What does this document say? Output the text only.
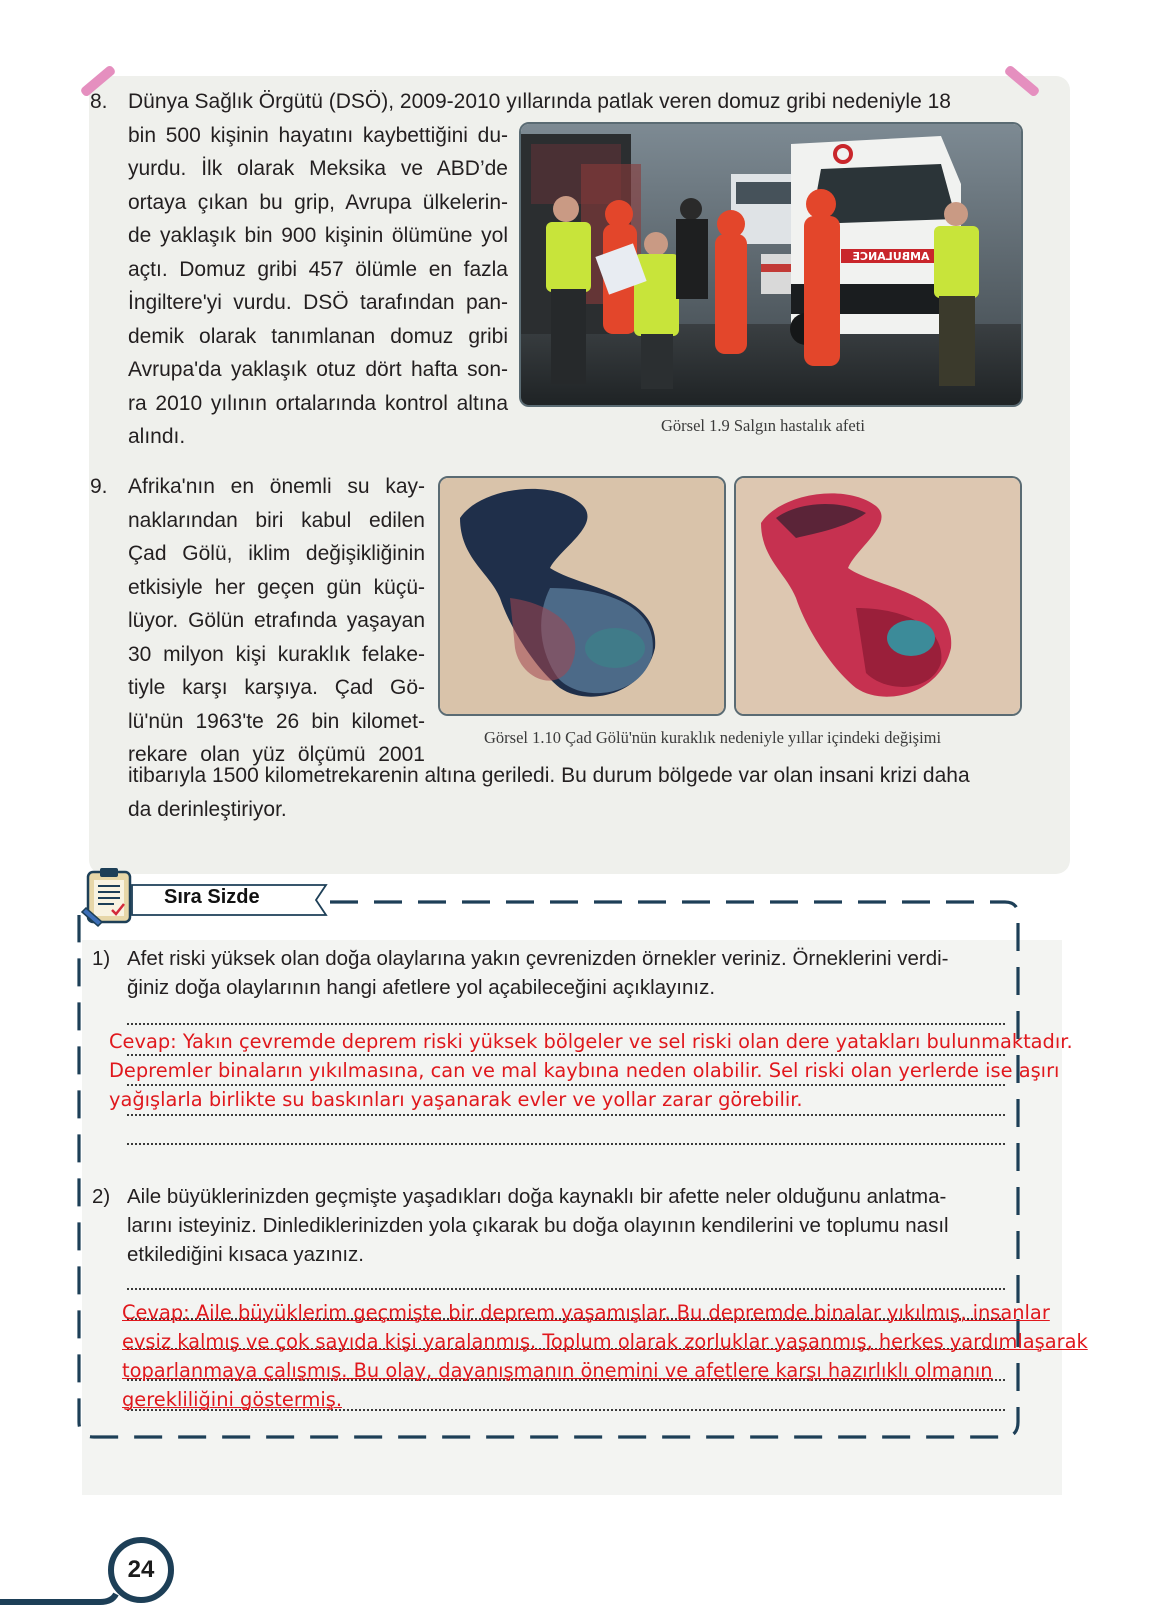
8. Dünya Sağlık Örgütü (DSÖ), 2009-2010 yıllarında patlak veren domuz gribi nedeniyle 18
bin 500 kişinin hayatını kaybettiğini du-
yurdu. İlk olarak Meksika ve ABD’de
ortaya çıkan bu grip, Avrupa ülkelerin-
de yaklaşık bin 900 kişinin ölümüne yol
açtı. Domuz gribi 457 ölümle en fazla
İngiltere'yi vurdu. DSÖ tarafından pan-
demik olarak tanımlanan domuz gribi
Avrupa'da yaklaşık otuz dört hafta son-
ra 2010 yılının ortalarında kontrol altına
alındı.
AMBULANCE
Görsel 1.9 Salgın hastalık afeti
9. Afrika'nın en önemli su kay-
naklarından biri kabul edilen
Çad Gölü, iklim değişikliğinin
etkisiyle her geçen gün küçü-
lüyor. Gölün etrafında yaşayan
30 milyon kişi kuraklık felake-
tiyle karşı karşıya. Çad Gö-
lü'nün 1963'te 26 bin kilomet-
rekare olan yüz ölçümü 2001
itibarıyla 1500 kilometrekarenin altına geriledi. Bu durum bölgede var olan insani krizi daha
da derinleştiriyor.
Görsel 1.10 Çad Gölü'nün kuraklık nedeniyle yıllar içindeki değişimi
Sıra Sizde
1) Afet riski yüksek olan doğa olaylarına yakın çevrenizden örnekler veriniz. Örneklerini verdi-
ğiniz doğa olaylarının hangi afetlere yol açabileceğini açıklayınız.
Cevap: Yakın çevremde deprem riski yüksek bölgeler ve sel riski olan dere yatakları bulunmaktadır.
Depremler binaların yıkılmasına, can ve mal kaybına neden olabilir. Sel riski olan yerlerde ise aşırı
yağışlarla birlikte su baskınları yaşanarak evler ve yollar zarar görebilir.
2) Aile büyüklerinizden geçmişte yaşadıkları doğa kaynaklı bir afette neler olduğunu anlatma-
larını isteyiniz. Dinlediklerinizden yola çıkarak bu doğa olayının kendilerini ve toplumu nasıl
etkilediğini kısaca yazınız.
Cevap: Aile büyüklerim geçmişte bir deprem yaşamışlar. Bu depremde binalar yıkılmış, insanlar
evsiz kalmış ve çok sayıda kişi yaralanmış. Toplum olarak zorluklar yaşanmış, herkes yardımlaşarak
toparlanmaya çalışmış. Bu olay, dayanışmanın önemini ve afetlere karşı hazırlıklı olmanın
gerekliliğini göstermiş.
24
